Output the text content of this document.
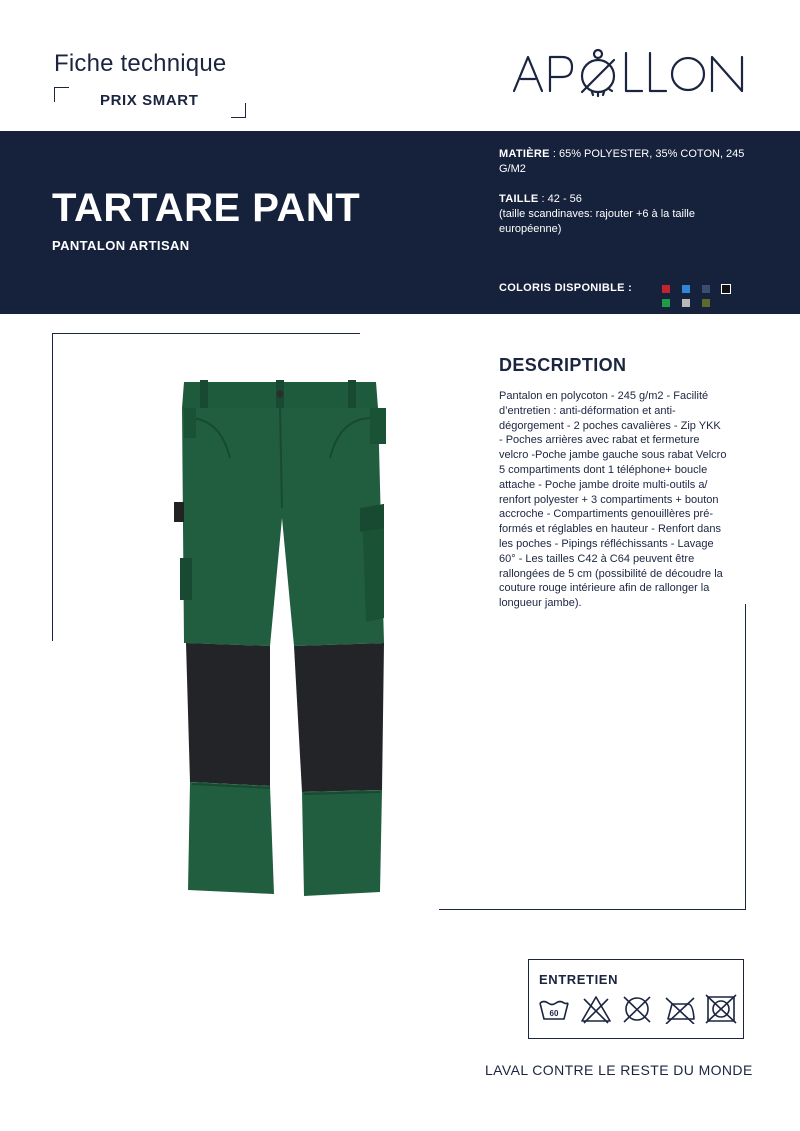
Fiche technique
PRIX SMART
TARTARE PANT
PANTALON ARTISAN
MATIÈRE : 65% POLYESTER, 35% COTON, 245 G/M2
TAILLE : 42 - 56
(taille scandinaves: rajouter +6 à la taille européenne)
COLORIS DISPONIBLE :
DESCRIPTION
Pantalon en polycoton - 245 g/m2 - Facilité d’entretien : anti-déformation et anti-dégorgement - 2 poches cavalières - Zip YKK - Poches arrières avec rabat et fermeture velcro -Poche jambe gauche sous rabat Velcro 5 compartiments dont 1 téléphone+ boucle attache - Poche jambe droite multi-outils a/ renfort polyester + 3 compartiments + bouton accroche - Compartiments genouillères pré-formés et réglables en hauteur - Renfort dans les poches - Pipings réfléchissants - Lavage 60° - Les tailles C42 à C64 peuvent être rallongées de 5 cm (possibilité de découdre la couture rouge intérieure afin de rallonger la longueur jambe).
ENTRETIEN
60
LAVAL CONTRE LE RESTE DU MONDE
